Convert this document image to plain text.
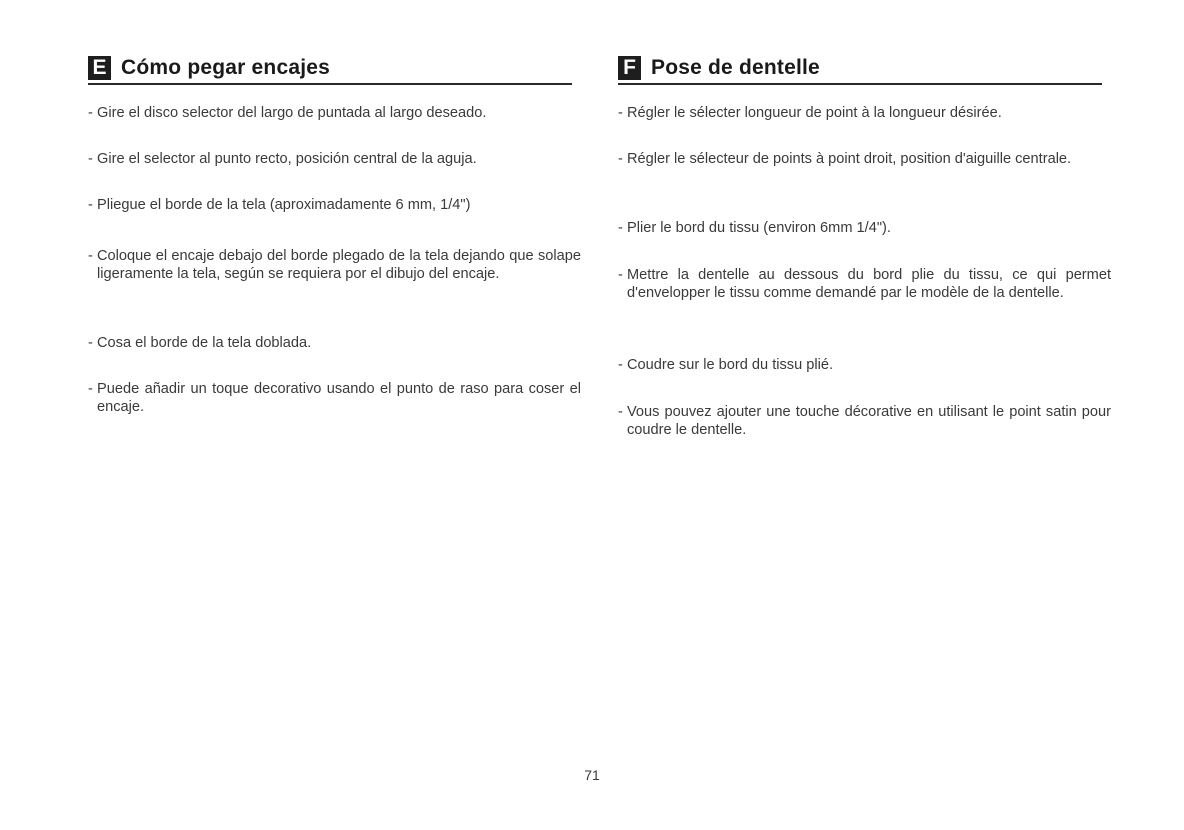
E Cómo pegar encajes
- Gire el disco selector del largo de puntada al largo deseado.
- Gire el selector al punto recto, posición central de la aguja.
- Pliegue el borde de la tela (aproximadamente 6 mm, 1/4")
- Coloque el encaje debajo del borde plegado de la tela dejando que solape ligeramente la tela, según se requiera por el dibujo del encaje.
- Cosa el borde de la tela doblada.
- Puede añadir un toque decorativo usando el punto de raso para coser el encaje.
F Pose de dentelle
- Régler le sélecter longueur de point à la longueur désirée.
- Régler le sélecteur de points à point droit, position d'aiguille centrale.
- Plier le bord du tissu (environ 6mm 1/4").
- Mettre la dentelle au dessous du bord plie du tissu, ce qui permet d'envelopper le tissu comme demandé par le modèle de la dentelle.
- Coudre sur le bord du tissu plié.
- Vous pouvez ajouter une touche décorative en utilisant le point satin pour coudre le dentelle.
71
